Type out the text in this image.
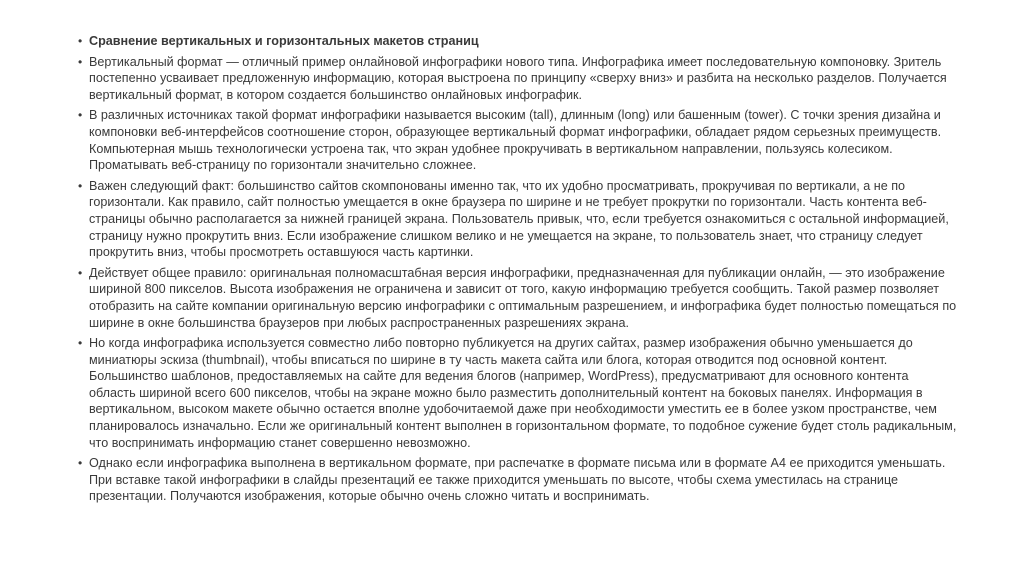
• Сравнение вертикальных и горизонтальных макетов страниц
• Вертикальный формат — отличный пример онлайновой инфографики нового типа. Инфографика имеет последовательную компоновку. Зритель постепенно усваивает предложенную информацию, которая выстроена по принципу «сверху вниз» и разбита на несколько разделов. Получается вертикальный формат, в котором создается большинство онлайновых инфографик.
• В различных источниках такой формат инфографики называется высоким (tall), длинным (long) или башенным (tower). С точки зрения дизайна и компоновки веб-интерфейсов соотношение сторон, образующее вертикальный формат инфографики, обладает рядом серьезных преимуществ. Компьютерная мышь технологически устроена так, что экран удобнее прокручивать в вертикальном направлении, пользуясь колесиком. Проматывать веб-страницу по горизонтали значительно сложнее.
• Важен следующий факт: большинство сайтов скомпонованы именно так, что их удобно просматривать, прокручивая по вертикали, а не по горизонтали. Как правило, сайт полностью умещается в окне браузера по ширине и не требует прокрутки по горизонтали. Часть контента веб-страницы обычно располагается за нижней границей экрана. Пользователь привык, что, если требуется ознакомиться с остальной информацией, страницу нужно прокрутить вниз. Если изображение слишком велико и не умещается на экране, то пользователь знает, что страницу следует прокрутить вниз, чтобы просмотреть оставшуюся часть картинки.
• Действует общее правило: оригинальная полномасштабная версия инфографики, предназначенная для публикации онлайн, — это изображение шириной 800 пикселов. Высота изображения не ограничена и зависит от того, какую информацию требуется сообщить. Такой размер позволяет отобразить на сайте компании оригинальную версию инфографики с оптимальным разрешением, и инфографика будет полностью помещаться по ширине в окне большинства браузеров при любых распространенных разрешениях экрана.
• Но когда инфографика используется совместно либо повторно публикуется на других сайтах, размер изображения обычно уменьшается до миниатюры эскиза (thumbnail), чтобы вписаться по ширине в ту часть макета сайта или блога, которая отводится под основной контент. Большинство шаблонов, предоставляемых на сайте для ведения блогов (например, WordPress), предусматривают для основного контента область шириной всего 600 пикселов, чтобы на экране можно было разместить дополнительный контент на боковых панелях. Информация в вертикальном, высоком макете обычно остается вполне удобочитаемой даже при необходимости уместить ее в более узком пространстве, чем планировалось изначально. Если же оригинальный контент выполнен в горизонтальном формате, то подобное сужение будет столь радикальным, что воспринимать информацию станет совершенно невозможно.
• Однако если инфографика выполнена в вертикальном формате, при распечатке в формате письма или в формате А4 ее приходится уменьшать. При вставке такой инфографики в слайды презентаций ее также приходится уменьшать по высоте, чтобы схема уместилась на странице презентации. Получаются изображения, которые обычно очень сложно читать и воспринимать.
